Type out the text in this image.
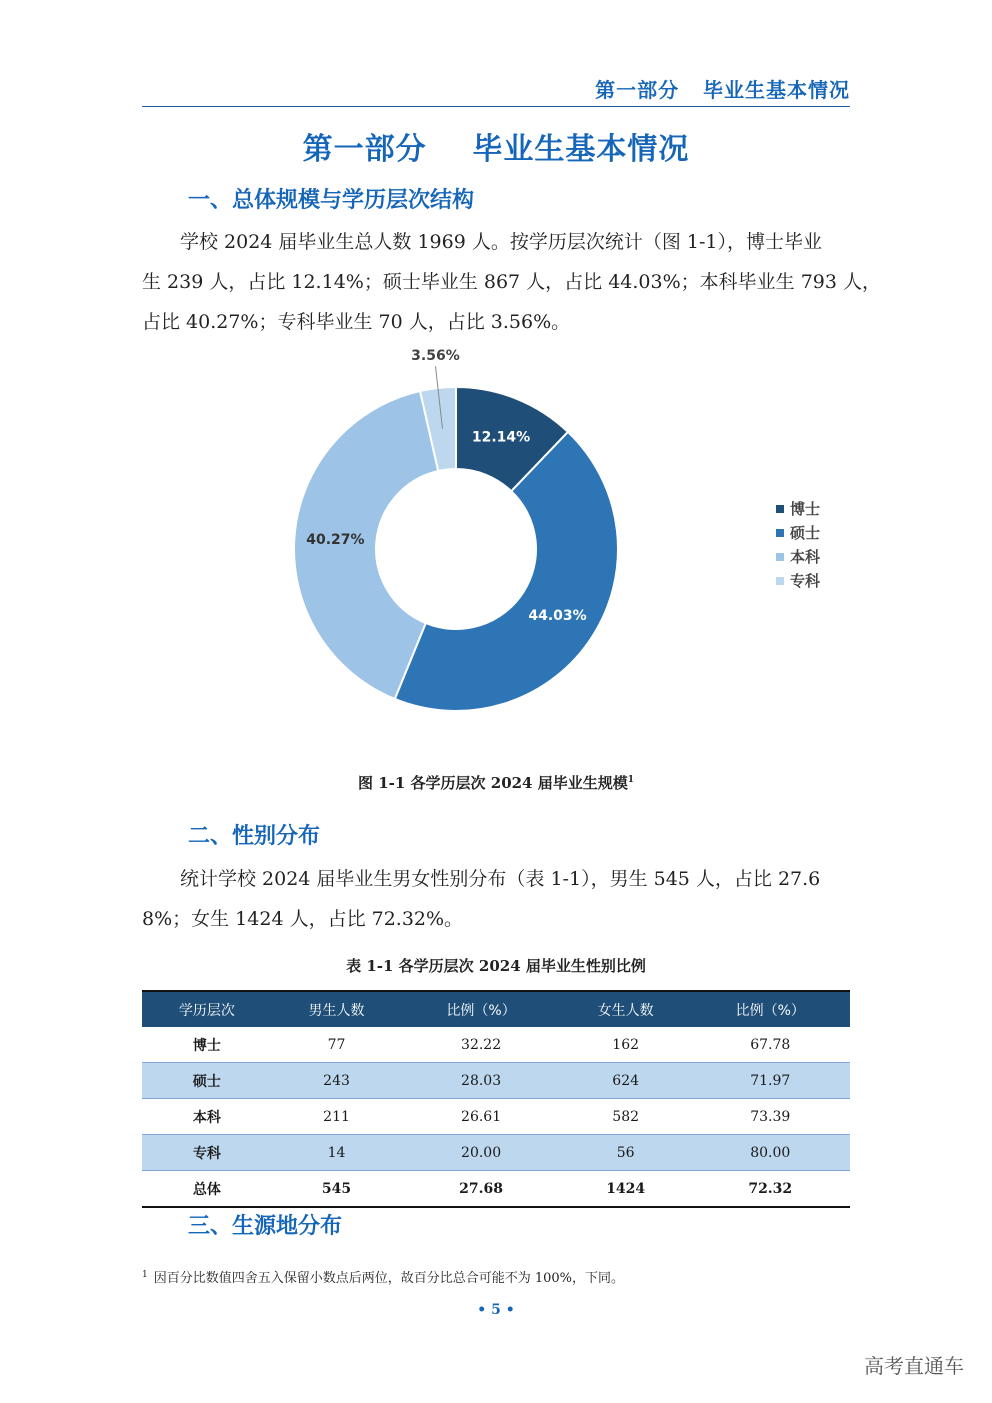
第一部分   毕业生基本情况
第一部分    毕业生基本情况
一、总体规模与学历层次结构
学校 2024 届毕业生总人数 1969 人。按学历层次统计（图 1-1），博士毕业
生 239 人，占比 12.14%；硕士毕业生 867 人，占比 44.03%；本科毕业生 793 人，
占比 40.27%；专科毕业生 70 人，占比 3.56%。
12.14%
44.03%
40.27%
3.56%
博士
硕士
本科
专科
图 1-1 各学历层次 2024 届毕业生规模$^1$
二、性别分布
统计学校 2024 届毕业生男女性别分布（表 1-1），男生 545 人，占比 27.6
8%；女生 1424 人，占比 72.32%。
表 1-1 各学历层次 2024 届毕业生性别比例
学历层次	男生人数	比例（%）	女生人数	比例（%）
博士	77	32.22	162	67.78
硕士	243	28.03	624	71.97
本科	211	26.61	582	73.39
专科	14	20.00	56	80.00
总体	545	27.68	1424	72.32
三、生源地分布
$^1$ 因百分比数值四舍五入保留小数点后两位，故百分比总合可能不为 100%，下同。
• 5 •
高考直通车
